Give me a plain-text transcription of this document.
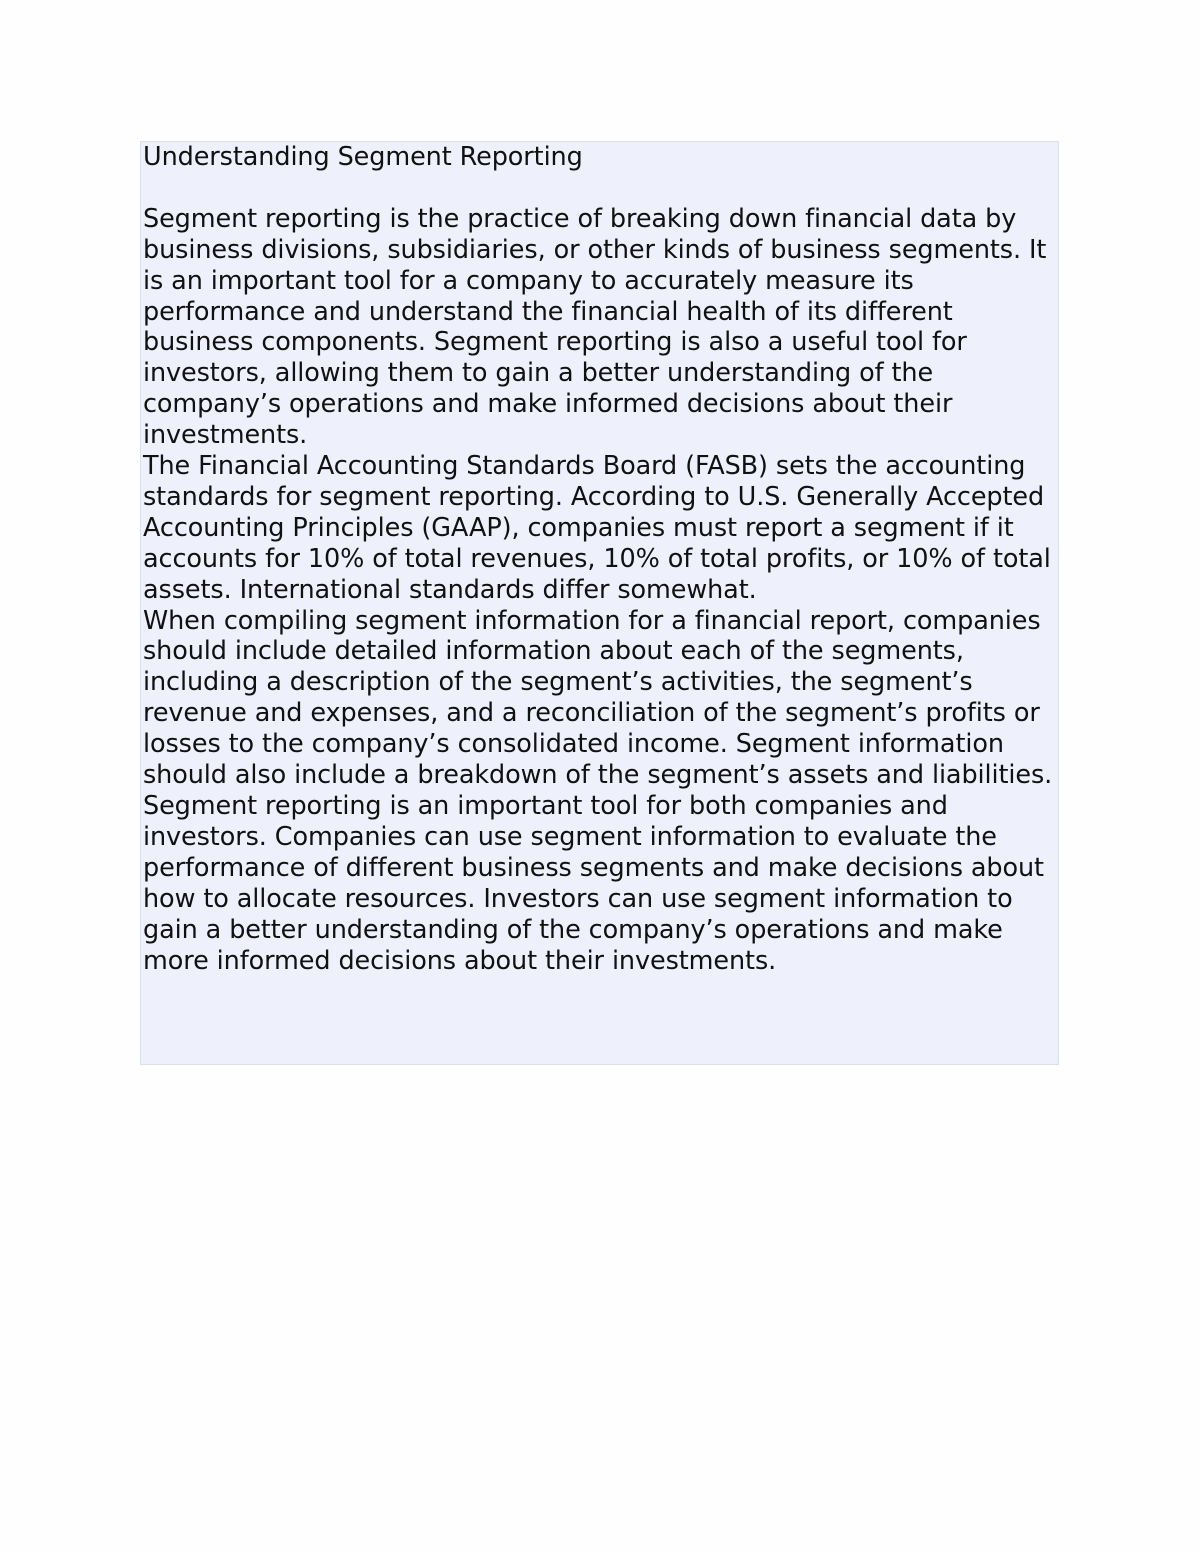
Understanding Segment Reporting

Segment reporting is the practice of breaking down financial data by business divisions, subsidiaries, or other kinds of business segments. It is an important tool for a company to accurately measure its performance and understand the financial health of its different business components. Segment reporting is also a useful tool for investors, allowing them to gain a better understanding of the company’s operations and make informed decisions about their investments.

The Financial Accounting Standards Board (FASB) sets the accounting standards for segment reporting. According to U.S. Generally Accepted Accounting Principles (GAAP), companies must report a segment if it accounts for 10% of total revenues, 10% of total profits, or 10% of total assets. International standards differ somewhat.

When compiling segment information for a financial report, companies should include detailed information about each of the segments, including a description of the segment’s activities, the segment’s revenue and expenses, and a reconciliation of the segment’s profits or losses to the company’s consolidated income. Segment information should also include a breakdown of the segment’s assets and liabilities.

Segment reporting is an important tool for both companies and investors. Companies can use segment information to evaluate the performance of different business segments and make decisions about how to allocate resources. Investors can use segment information to gain a better understanding of the company’s operations and make more informed decisions about their investments.
